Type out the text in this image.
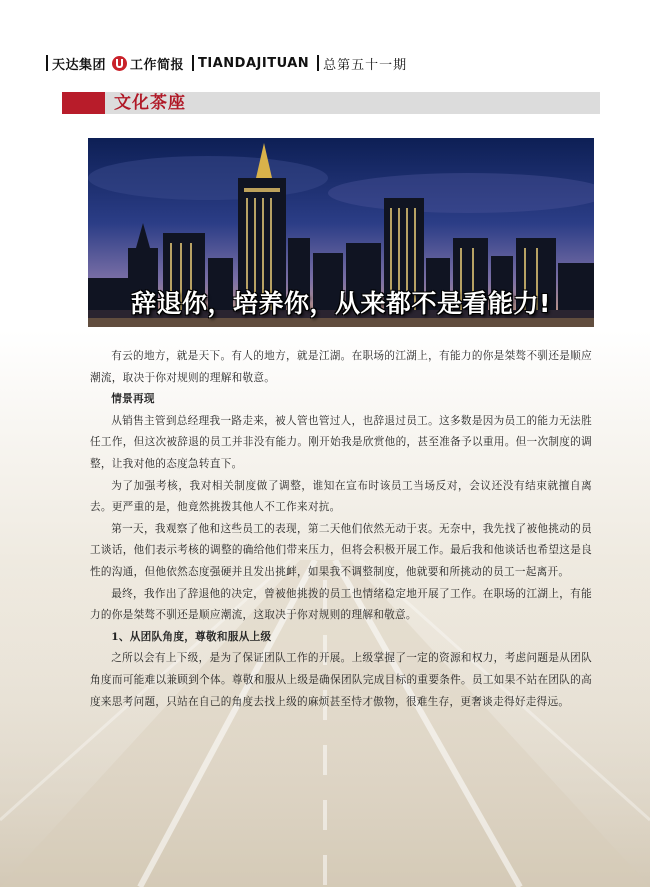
天达集团 工作简报 TIANDAJITUAN 总第五十一期
文化茶座
辞退你，培养你，从来都不是看能力!

有云的地方，就是天下。有人的地方，就是江湖。在职场的江湖上，有能力的你是桀骜不驯还是顺应潮流，取决于你对规则的理解和敬意。

情景再现

从销售主管到总经理我一路走来，被人管也管过人，也辞退过员工。这多数是因为员工的能力无法胜任工作，但这次被辞退的员工并非没有能力。刚开始我是欣赏他的，甚至准备予以重用。但一次制度的调整，让我对他的态度急转直下。

为了加强考核，我对相关制度做了调整，谁知在宣布时该员工当场反对，会议还没有结束就擅自离去。更严重的是，他竟然挑拨其他人不工作来对抗。

第一天，我观察了他和这些员工的表现，第二天他们依然无动于衷。无奈中，我先找了被他挑动的员工谈话，他们表示考核的调整的确给他们带来压力，但将会积极开展工作。最后我和他谈话也希望这是良性的沟通，但他依然态度强硬并且发出挑衅，如果我不调整制度，他就要和所挑动的员工一起离开。

最终，我作出了辞退他的决定，曾被他挑拨的员工也情绪稳定地开展了工作。在职场的江湖上，有能力的你是桀骜不驯还是顺应潮流，这取决于你对规则的理解和敬意。

1、从团队角度，尊敬和服从上级

之所以会有上下级，是为了保证团队工作的开展。上级掌握了一定的资源和权力，考虑问题是从团队角度而可能难以兼顾到个体。尊敬和服从上级是确保团队完成目标的重要条件。员工如果不站在团队的高度来思考问题，只站在自己的角度去找上级的麻烦甚至恃才傲物，很难生存，更奢谈走得好走得远。
